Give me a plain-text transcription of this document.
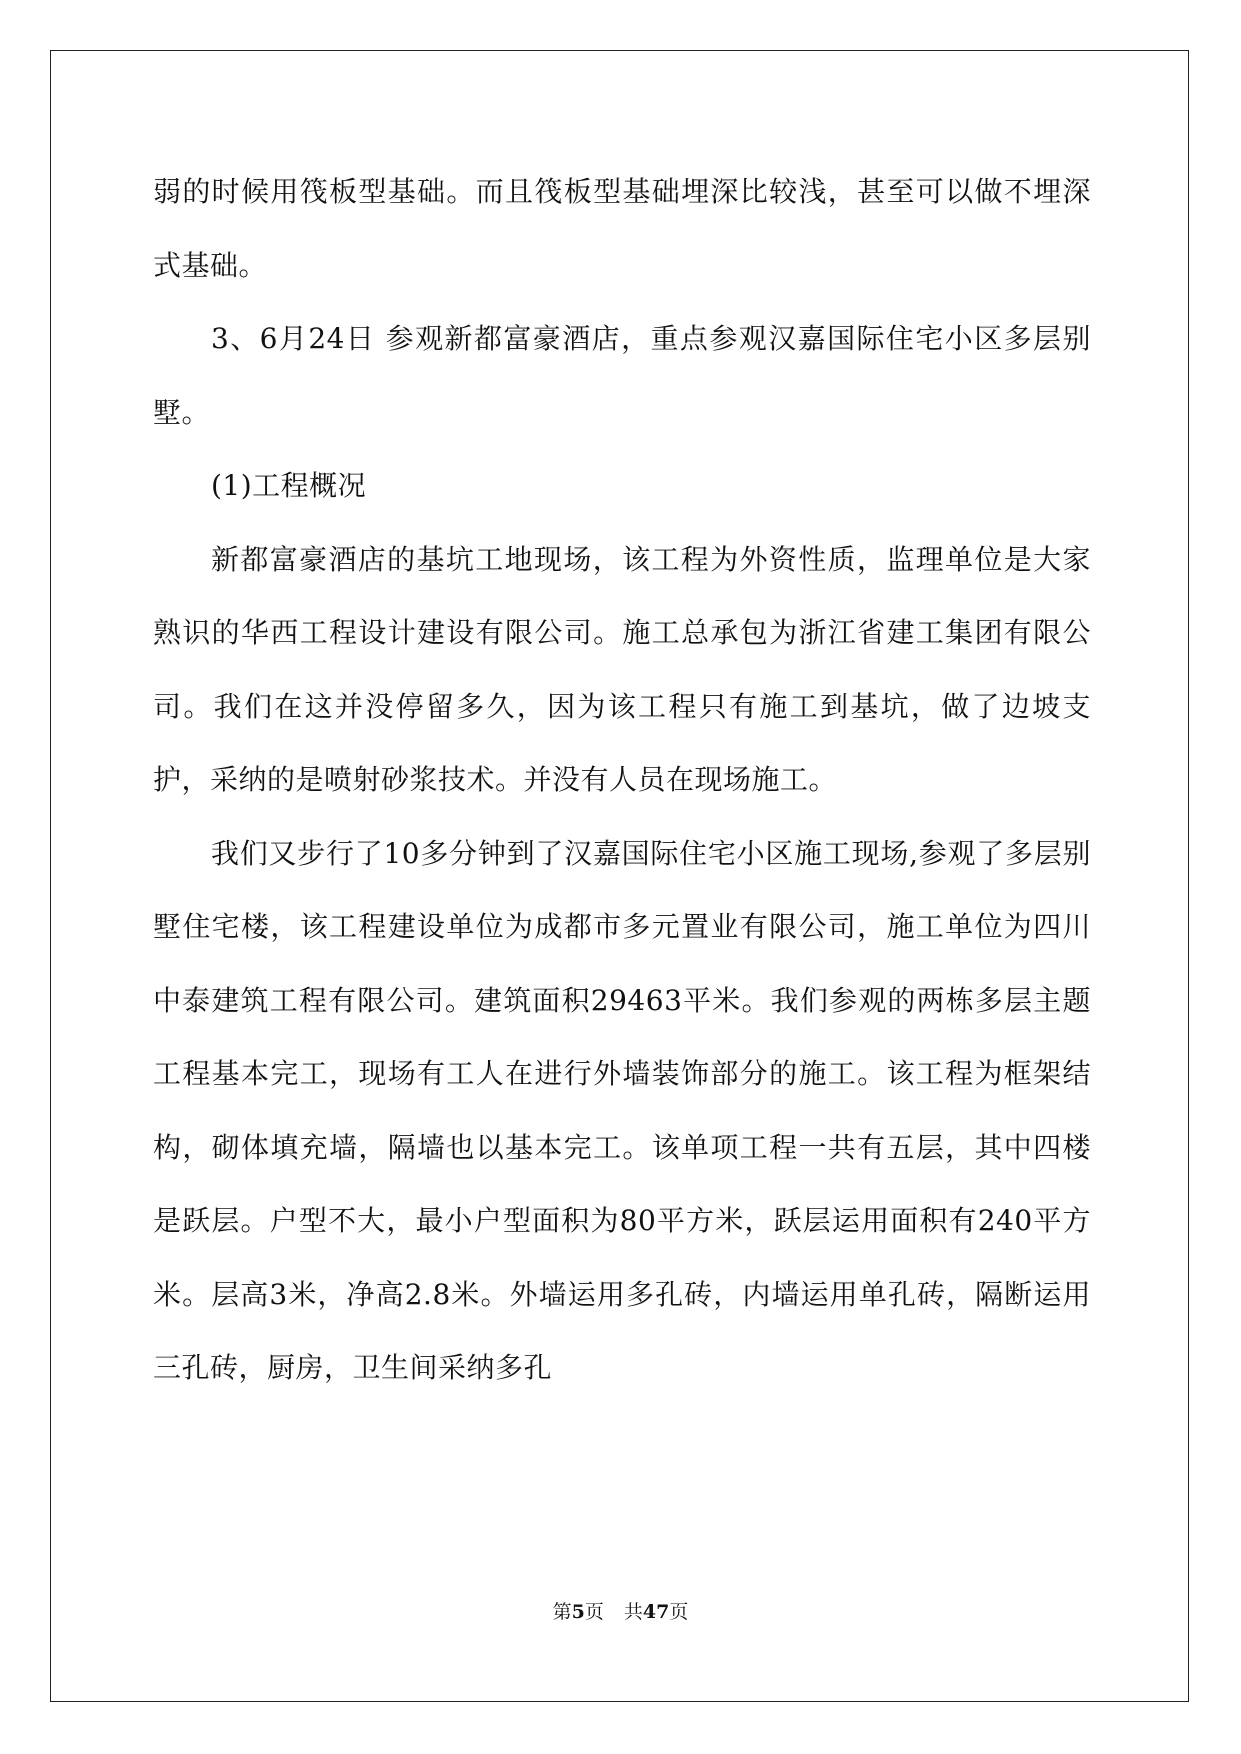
弱的时候用筏板型基础。而且筏板型基础埋深比较浅，甚至可以做不埋深式基础。

3、6月24日 参观新都富豪酒店，重点参观汉嘉国际住宅小区多层别墅。

(1)工程概况

新都富豪酒店的基坑工地现场，该工程为外资性质，监理单位是大家熟识的华西工程设计建设有限公司。施工总承包为浙江省建工集团有限公司。我们在这并没停留多久，因为该工程只有施工到基坑，做了边坡支护，采纳的是喷射砂浆技术。并没有人员在现场施工。

我们又步行了10多分钟到了汉嘉国际住宅小区施工现场,参观了多层别墅住宅楼，该工程建设单位为成都市多元置业有限公司，施工单位为四川中泰建筑工程有限公司。建筑面积29463平米。我们参观的两栋多层主题工程基本完工，现场有工人在进行外墙装饰部分的施工。该工程为框架结构，砌体填充墙，隔墙也以基本完工。该单项工程一共有五层，其中四楼是跃层。户型不大，最小户型面积为80平方米，跃层运用面积有240平方米。层高3米，净高2.8米。外墙运用多孔砖，内墙运用单孔砖，隔断运用三孔砖，厨房，卫生间采纳多孔

第5页 共47页
